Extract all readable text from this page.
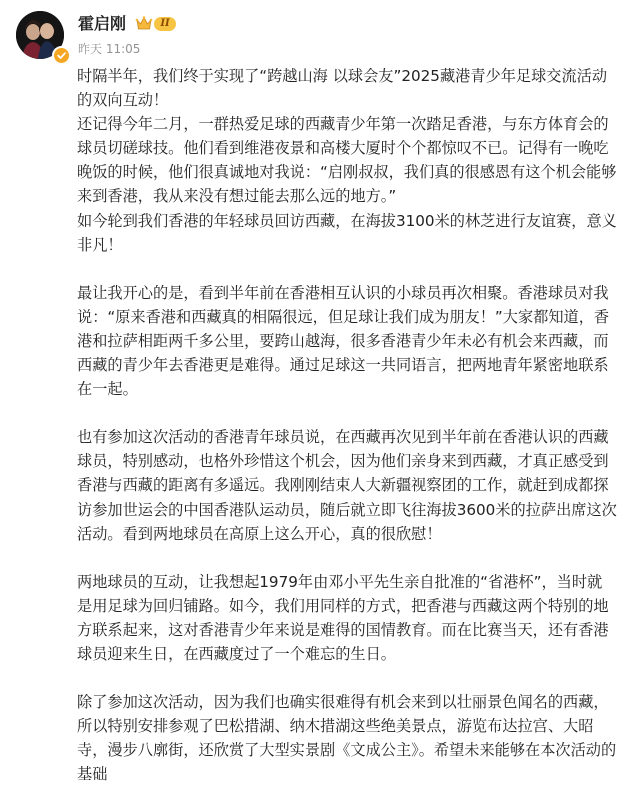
霍启刚	II
昨天 11:05

时隔半年，我们终于实现了“跨越山海 以球会友”2025藏港青少年足球交流活动的双向互动！

还记得今年二月，一群热爱足球的西藏青少年第一次踏足香港，与东方体育会的球员切磋球技。他们看到维港夜景和高楼大厦时个个都惊叹不已。记得有一晚吃晚饭的时候，他们很真诚地对我说：“启刚叔叔，我们真的很感恩有这个机会能够来到香港，我从来没有想过能去那么远的地方。”

如今轮到我们香港的年轻球员回访西藏，在海拔3100米的林芝进行友谊赛，意义非凡！

最让我开心的是，看到半年前在香港相互认识的小球员再次相聚。香港球员对我说：“原来香港和西藏真的相隔很远，但足球让我们成为朋友！”大家都知道，香港和拉萨相距两千多公里，要跨山越海，很多香港青少年未必有机会来西藏，而西藏的青少年去香港更是难得。通过足球这一共同语言，把两地青年紧密地联系在一起。

也有参加这次活动的香港青年球员说，在西藏再次见到半年前在香港认识的西藏球员，特别感动，也格外珍惜这个机会，因为他们亲身来到西藏，才真正感受到香港与西藏的距离有多遥远。我刚刚结束人大新疆视察团的工作，就赶到成都探访参加世运会的中国香港队运动员，随后就立即飞往海拔3600米的拉萨出席这次活动。看到两地球员在高原上这么开心，真的很欣慰！

两地球员的互动，让我想起1979年由邓小平先生亲自批准的“省港杯”，当时就是用足球为回归铺路。如今，我们用同样的方式，把香港与西藏这两个特别的地方联系起来，这对香港青少年来说是难得的国情教育。而在比赛当天，还有香港球员迎来生日，在西藏度过了一个难忘的生日。

除了参加这次活动，因为我们也确实很难得有机会来到以壮丽景色闻名的西藏，所以特别安排参观了巴松措湖、纳木措湖这些绝美景点，游览布达拉宫、大昭寺，漫步八廓街，还欣赏了大型实景剧《文成公主》。希望未来能够在本次活动的基础
